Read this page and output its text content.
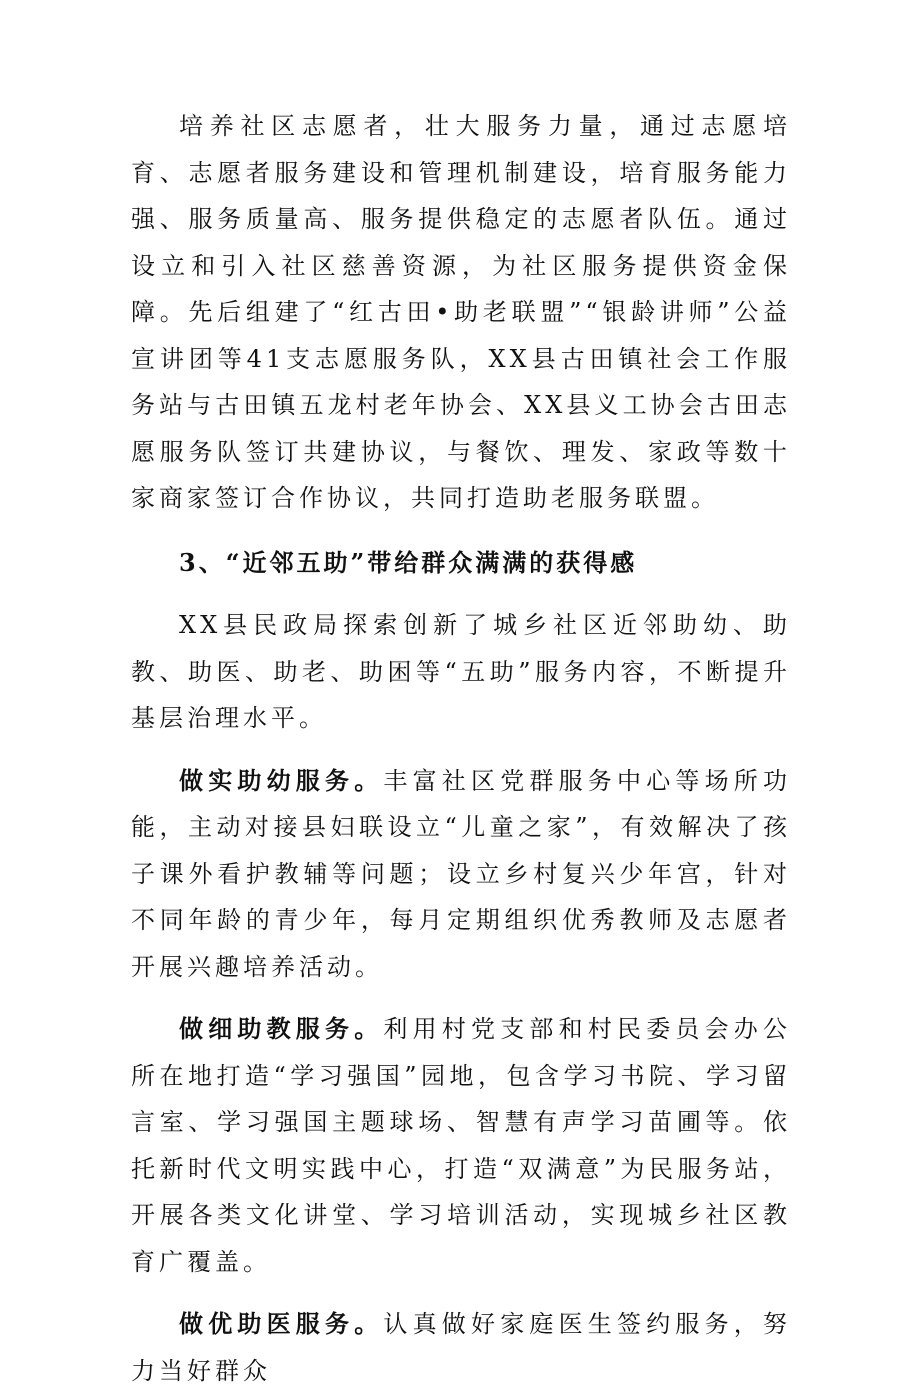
培养社区志愿者，壮大服务力量，通过志愿培育、志愿者服务建设和管理机制建设，培育服务能力强、服务质量高、服务提供稳定的志愿者队伍。通过设立和引入社区慈善资源，为社区服务提供资金保障。先后组建了“红古田•助老联盟”“银龄讲师”公益宣讲团等41支志愿服务队，XX县古田镇社会工作服务站与古田镇五龙村老年协会、XX县义工协会古田志愿服务队签订共建协议，与餐饮、理发、家政等数十家商家签订合作协议，共同打造助老服务联盟。

3、“近邻五助”带给群众满满的获得感

XX县民政局探索创新了城乡社区近邻助幼、助教、助医、助老、助困等“五助”服务内容，不断提升基层治理水平。

做实助幼服务。丰富社区党群服务中心等场所功能，主动对接县妇联设立“儿童之家”，有效解决了孩子课外看护教辅等问题；设立乡村复兴少年宫，针对不同年龄的青少年，每月定期组织优秀教师及志愿者开展兴趣培养活动。

做细助教服务。利用村党支部和村民委员会办公所在地打造“学习强国”园地，包含学习书院、学习留言室、学习强国主题球场、智慧有声学习苗圃等。依托新时代文明实践中心，打造“双满意”为民服务站，开展各类文化讲堂、学习培训活动，实现城乡社区教育广覆盖。

做优助医服务。认真做好家庭医生签约服务，努力当好群众
